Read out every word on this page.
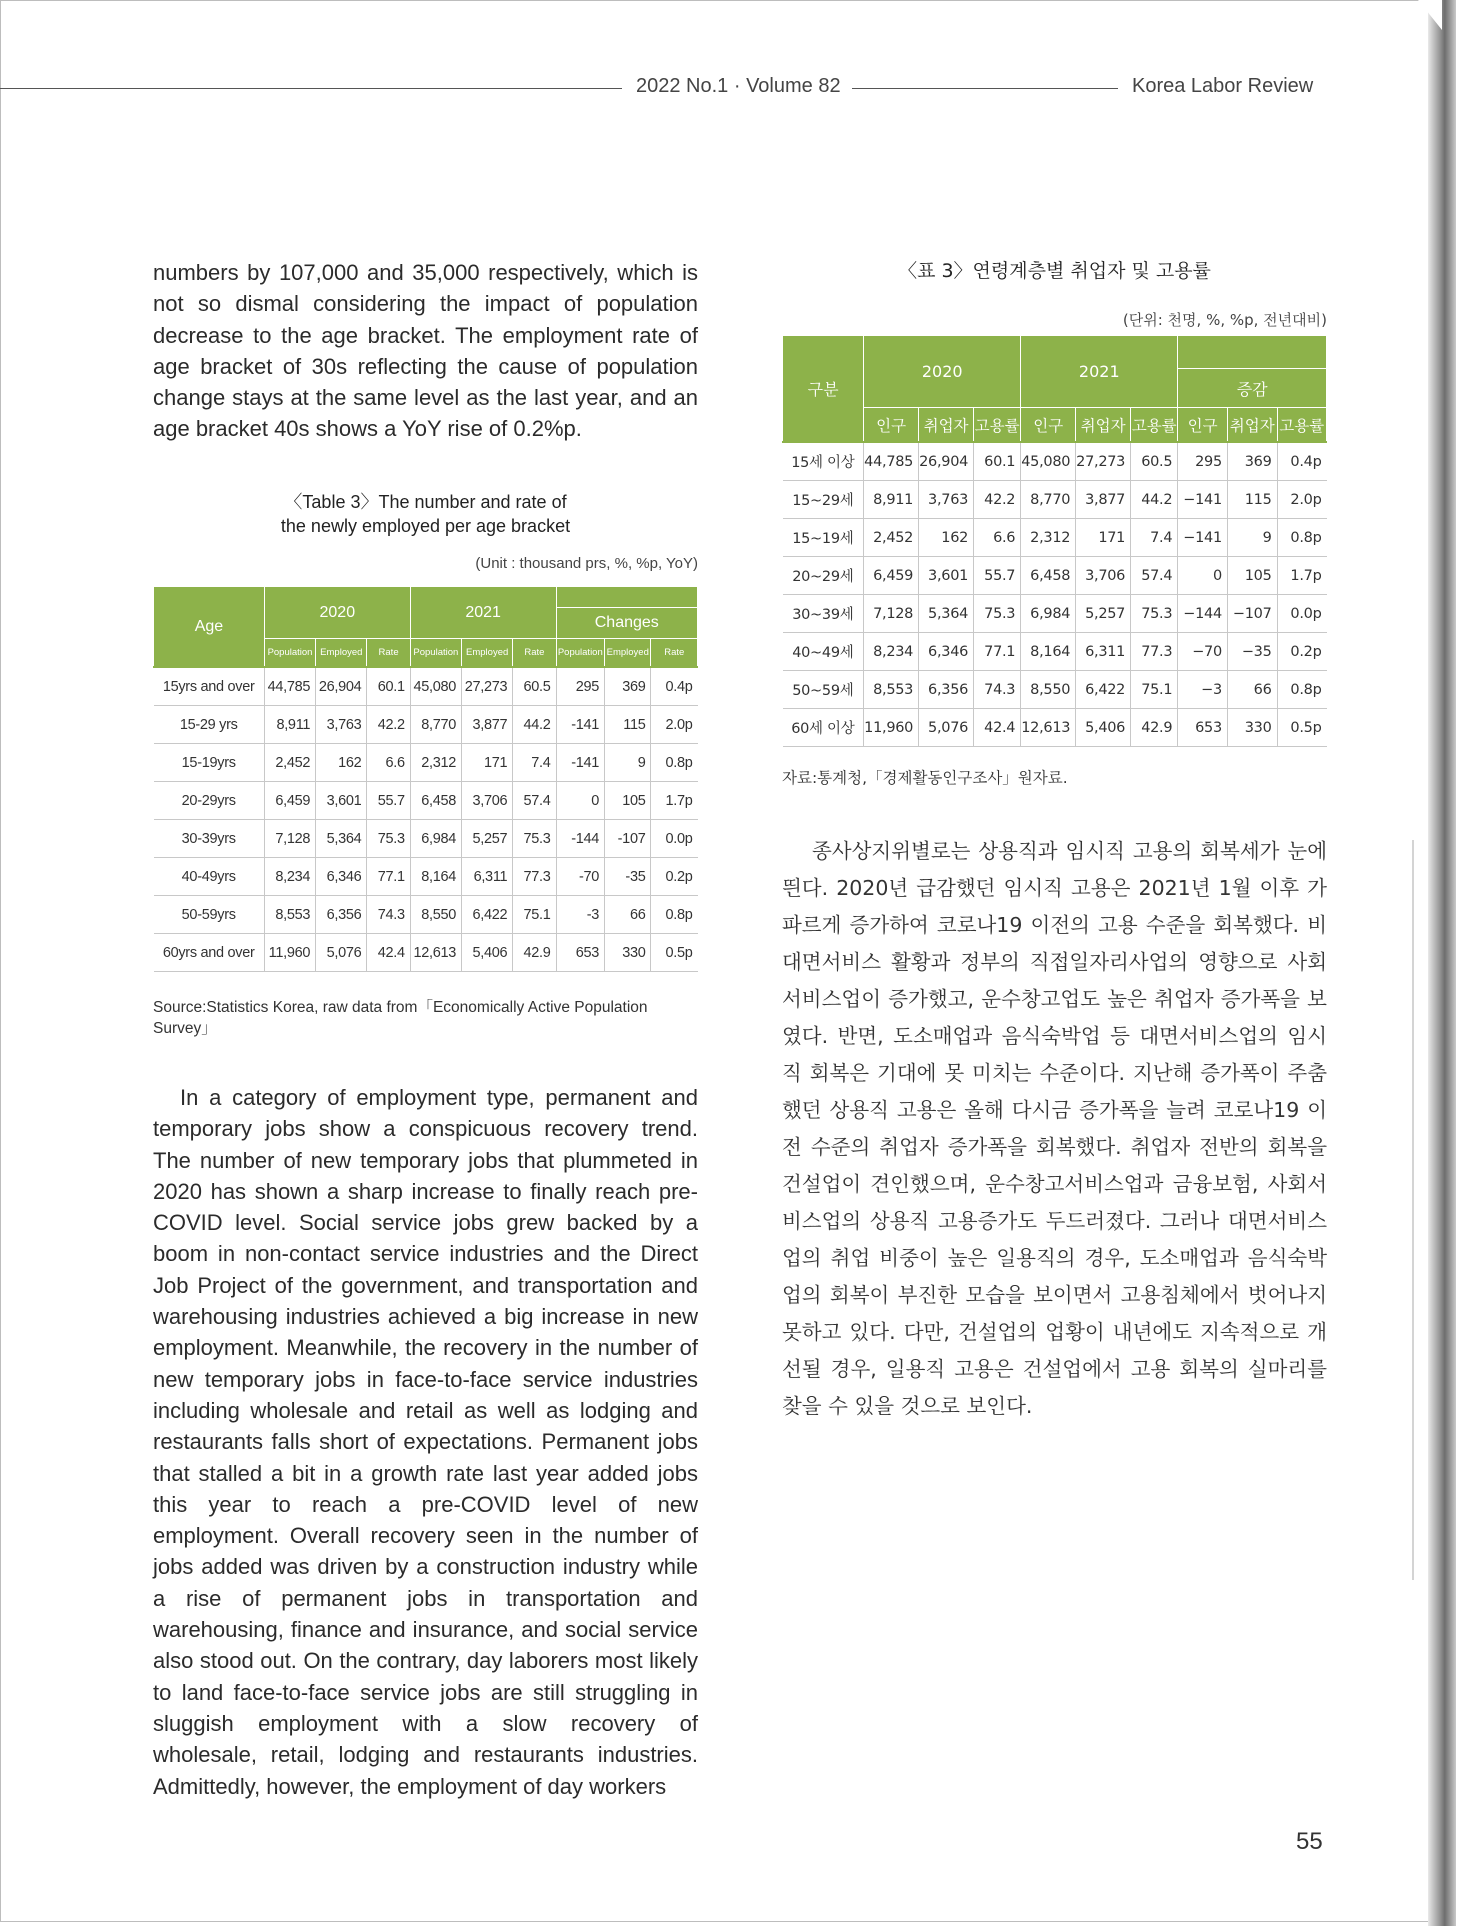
2022 No.1 · Volume 82	Korea Labor Review

numbers by 107,000 and 35,000 respectively, which is not so dismal considering the impact of population decrease to the age bracket. The employment rate of age bracket of 30s reflecting the cause of population change stays at the same level as the last year, and an age bracket 40s shows a YoY rise of 0.2%p.

〈Table 3〉The number and rate of
the newly employed per age bracket
(Unit : thousand prs, %, %p, YoY)
Age	2020			2021					
							Changes		
	Population	Employed	Rate	Population	Employed	Rate	Population	Employed	Rate
15yrs and over	44,785	26,904	60.1	45,080	27,273	60.5	295	369	0.4p
15-29 yrs	8,911	3,763	42.2	8,770	3,877	44.2	-141	115	2.0p
15-19yrs	2,452	162	6.6	2,312	171	7.4	-141	9	0.8p
20-29yrs	6,459	3,601	55.7	6,458	3,706	57.4	0	105	1.7p
30-39yrs	7,128	5,364	75.3	6,984	5,257	75.3	-144	-107	0.0p
40-49yrs	8,234	6,346	77.1	8,164	6,311	77.3	-70	-35	0.2p
50-59yrs	8,553	6,356	74.3	8,550	6,422	75.1	-3	66	0.8p
60yrs and over	11,960	5,076	42.4	12,613	5,406	42.9	653	330	0.5p
Source:Statistics Korea, raw data from「Economically Active Population Survey」

In a category of employment type, permanent and temporary jobs show a conspicuous recovery trend. The number of new temporary jobs that plummeted in 2020 has shown a sharp increase to finally reach pre-COVID level. Social service jobs grew backed by a boom in non-contact service industries and the Direct Job Project of the government, and transportation and warehousing industries achieved a big increase in new employment. Meanwhile, the recovery in the number of new temporary jobs in face-to-face service industries including wholesale and retail as well as lodging and restaurants falls short of expectations. Permanent jobs that stalled a bit in a growth rate last year added jobs this year to reach a pre-COVID level of new employment. Overall recovery seen in the number of jobs added was driven by a construction industry while a rise of permanent jobs in transportation and warehousing, finance and insurance, and social service also stood out. On the contrary, day laborers most likely to land face-to-face service jobs are still struggling in sluggish employment with a slow recovery of wholesale, retail, lodging and restaurants industries. Admittedly, however, the employment of day workers

〈표 3〉연령계층별 취업자 및 고용률
(단위: 천명, %, %p, 전년대비)
구분	2020			2021					
							증감		
	인구	취업자	고용률	인구	취업자	고용률	인구	취업자	고용률
15세 이상	44,785	26,904	60.1	45,080	27,273	60.5	295	369	0.4p
15~29세	8,911	3,763	42.2	8,770	3,877	44.2	−141	115	2.0p
15~19세	2,452	162	6.6	2,312	171	7.4	−141	9	0.8p
20~29세	6,459	3,601	55.7	6,458	3,706	57.4	0	105	1.7p
30~39세	7,128	5,364	75.3	6,984	5,257	75.3	−144	−107	0.0p
40~49세	8,234	6,346	77.1	8,164	6,311	77.3	−70	−35	0.2p
50~59세	8,553	6,356	74.3	8,550	6,422	75.1	−3	66	0.8p
60세 이상	11,960	5,076	42.4	12,613	5,406	42.9	653	330	0.5p
자료:통계청,「경제활동인구조사」원자료.

종사상지위별로는 상용직과 임시직 고용의 회복세가 눈에 띈다. 2020년 급감했던 임시직 고용은 2021년 1월 이후 가파르게 증가하여 코로나19 이전의 고용 수준을 회복했다. 비대면서비스 활황과 정부의 직접일자리사업의 영향으로 사회서비스업이 증가했고, 운수창고업도 높은 취업자 증가폭을 보였다. 반면, 도소매업과 음식숙박업 등 대면서비스업의 임시직 회복은 기대에 못 미치는 수준이다. 지난해 증가폭이 주춤했던 상용직 고용은 올해 다시금 증가폭을 늘려 코로나19 이전 수준의 취업자 증가폭을 회복했다. 취업자 전반의 회복을 건설업이 견인했으며, 운수창고서비스업과 금융보험, 사회서비스업의 상용직 고용증가도 두드러졌다. 그러나 대면서비스업의 취업 비중이 높은 일용직의 경우, 도소매업과 음식숙박업의 회복이 부진한 모습을 보이면서 고용침체에서 벗어나지 못하고 있다. 다만, 건설업의 업황이 내년에도 지속적으로 개선될 경우, 일용직 고용은 건설업에서 고용 회복의 실마리를 찾을 수 있을 것으로 보인다.

55
